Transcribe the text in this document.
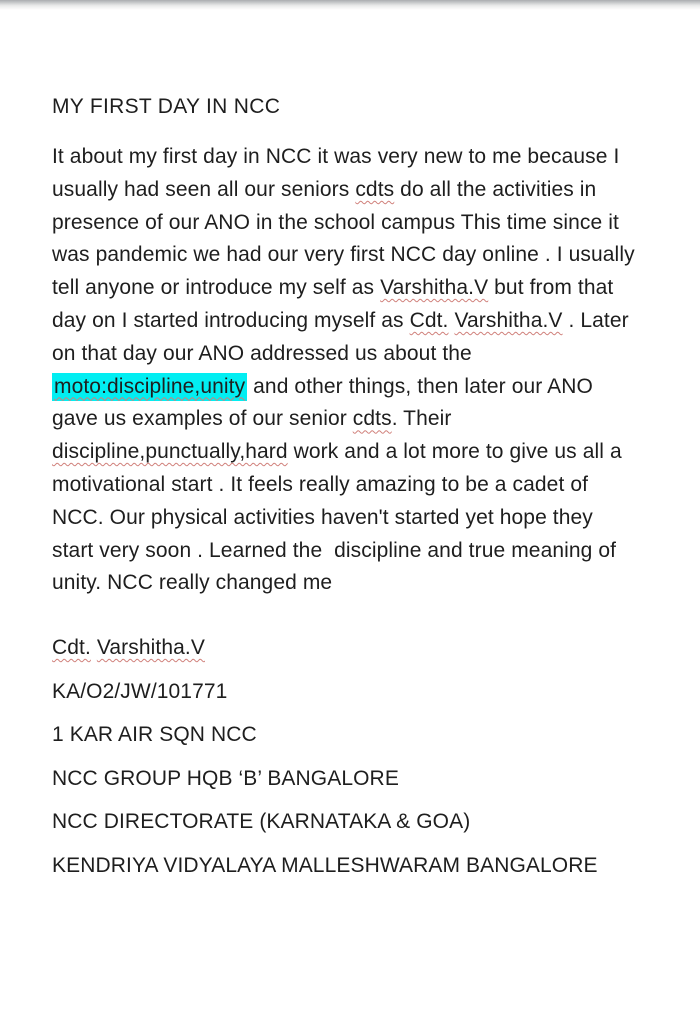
MY FIRST DAY IN NCC
It about my first day in NCC it was very new to me because I
usually had seen all our seniors cdts do all the activities in
presence of our ANO in the school campus This time since it
was pandemic we had our very first NCC day online . I usually
tell anyone or introduce my self as Varshitha.V but from that
day on I started introducing myself as Cdt. Varshitha.V . Later
on that day our ANO addressed us about the
moto:discipline,unity and other things, then later our ANO
gave us examples of our senior cdts. Their
discipline,punctually,hard work and a lot more to give us all a
motivational start . It feels really amazing to be a cadet of
NCC. Our physical activities haven't started yet hope they
start very soon . Learned the  discipline and true meaning of
unity. NCC really changed me
Cdt. Varshitha.V
KA/O2/JW/101771
1 KAR AIR SQN NCC
NCC GROUP HQB ‘B’ BANGALORE
NCC DIRECTORATE (KARNATAKA & GOA)
KENDRIYA VIDYALAYA MALLESHWARAM BANGALORE
